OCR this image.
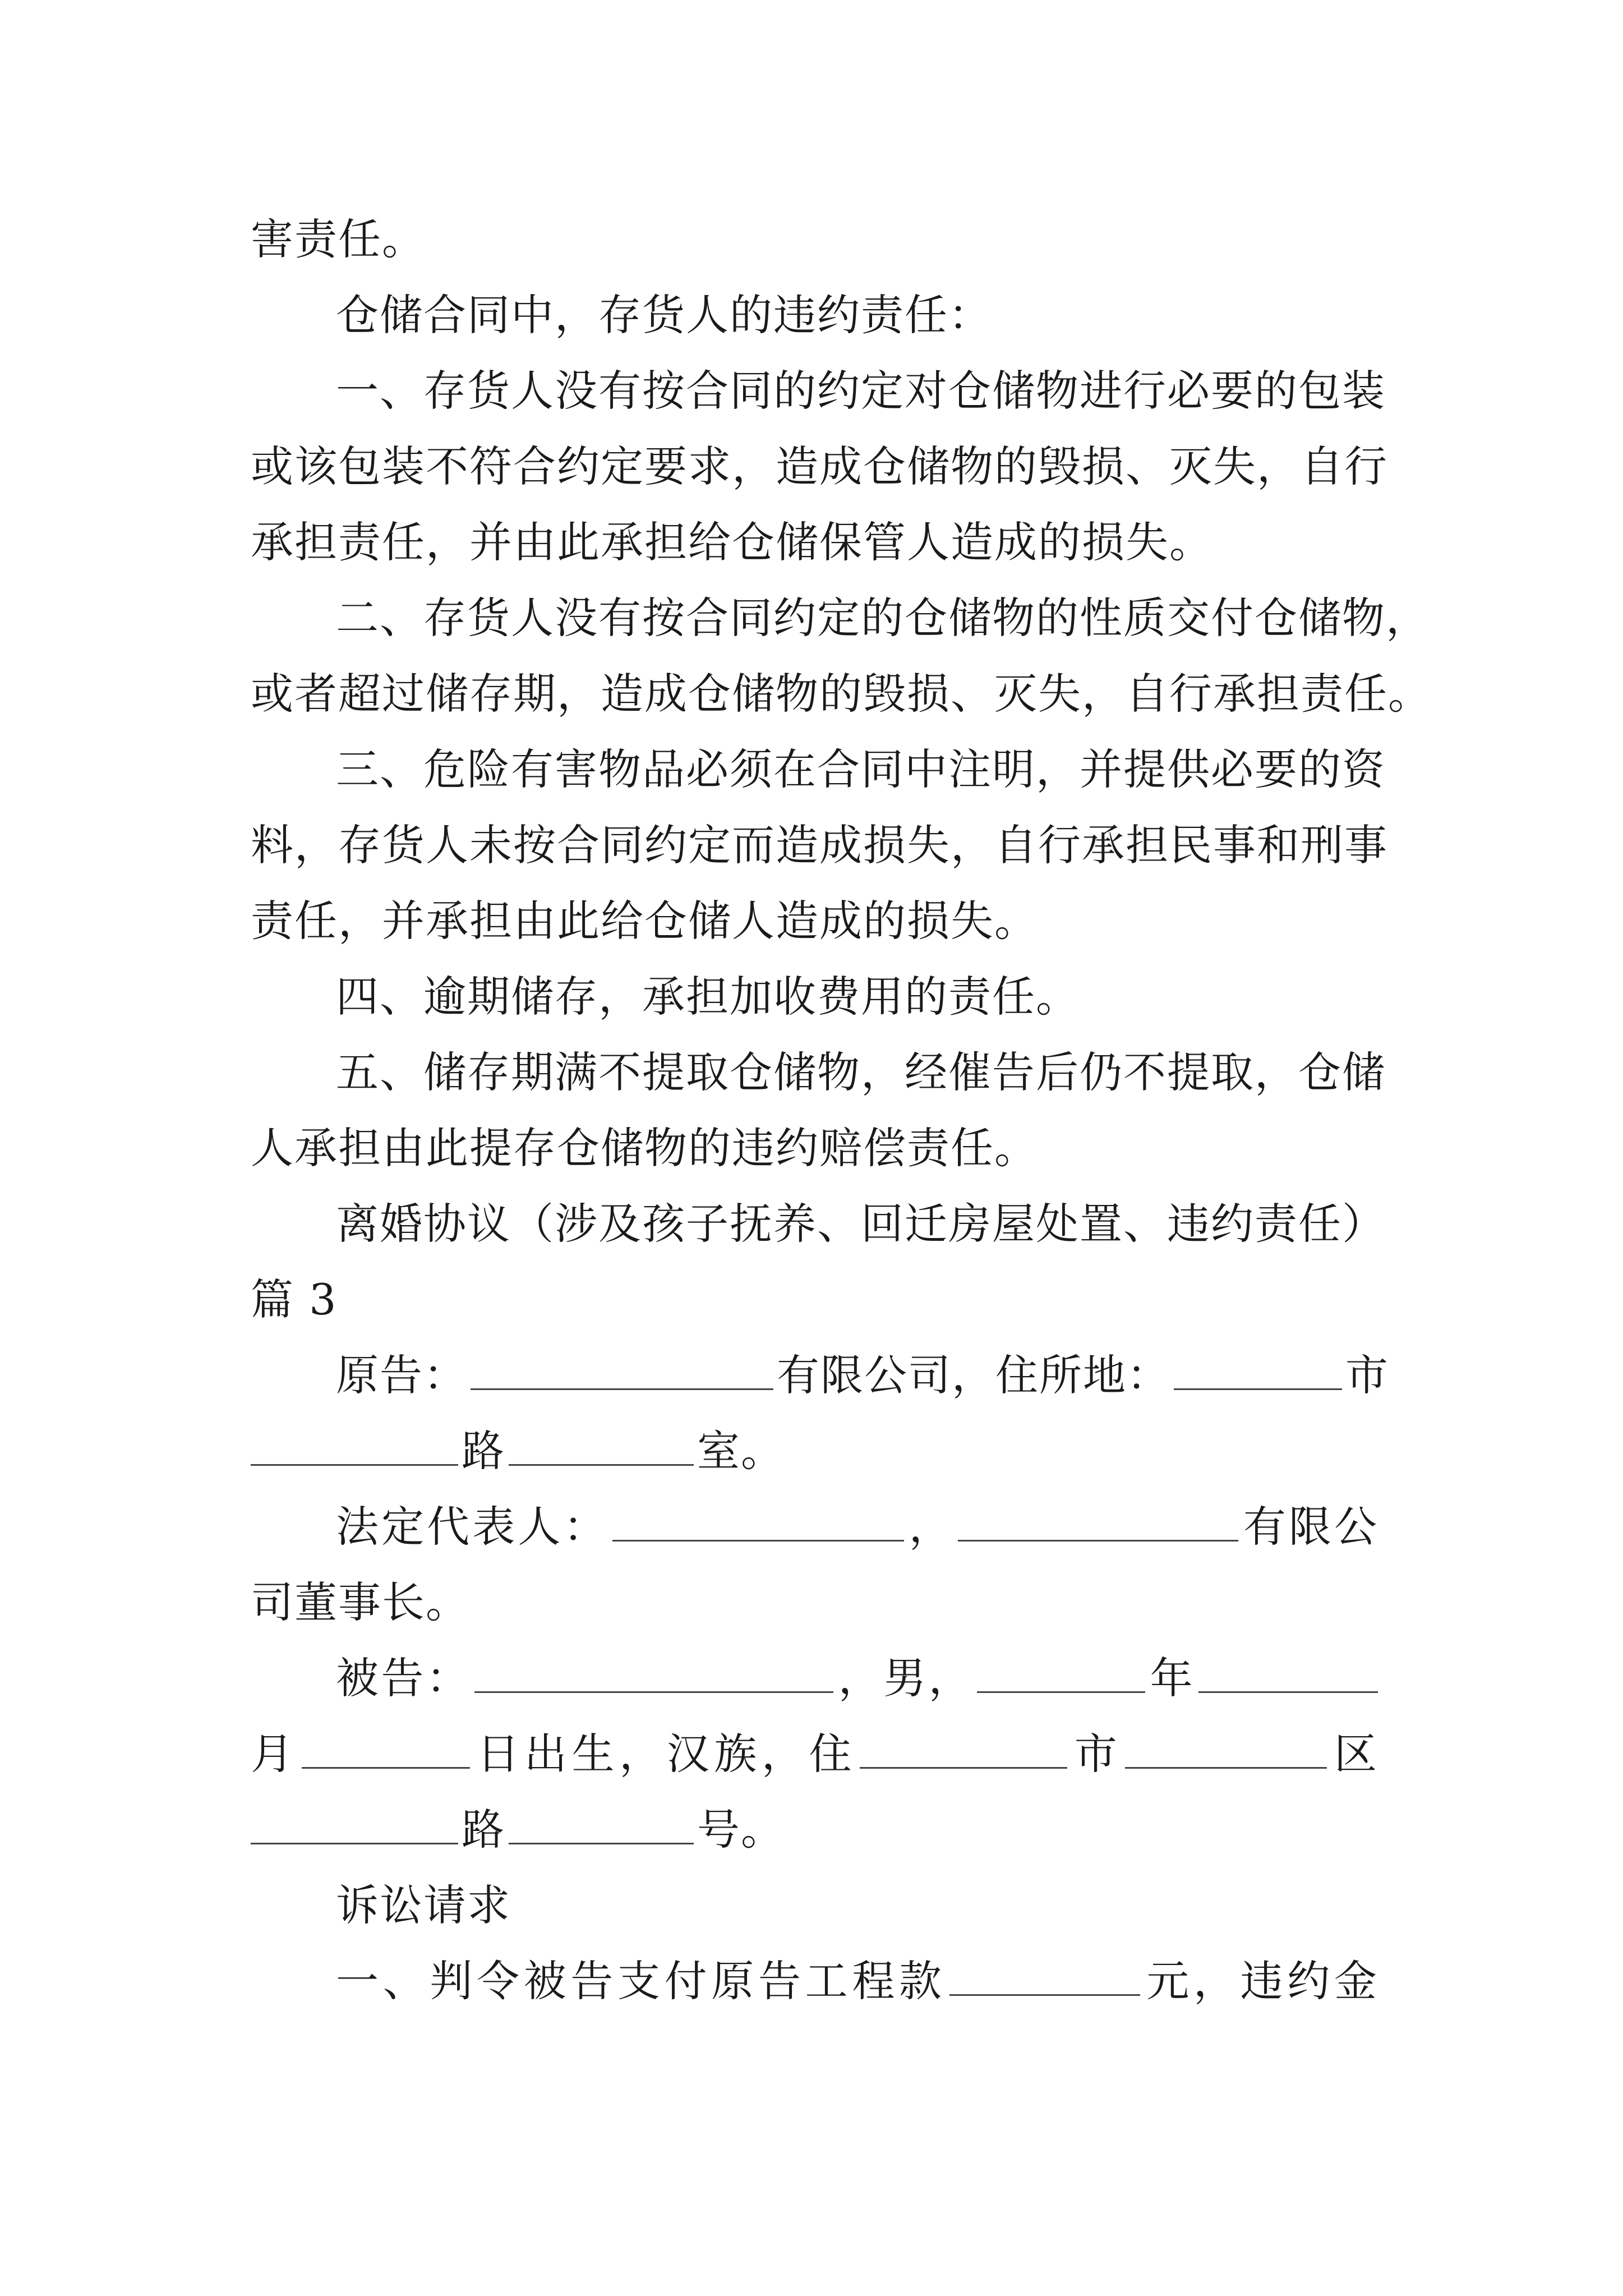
害责任。
仓储合同中，存货人的违约责任：
一、存货人没有按合同的约定对仓储物进行必要的包装
或该包装不符合约定要求，造成仓储物的毁损、灭失，自行
承担责任，并由此承担给仓储保管人造成的损失。
二、存货人没有按合同约定的仓储物的性质交付仓储物，
或者超过储存期，造成仓储物的毁损、灭失，自行承担责任。
三、危险有害物品必须在合同中注明，并提供必要的资
料，存货人未按合同约定而造成损失，自行承担民事和刑事
责任，并承担由此给仓储人造成的损失。
四、逾期储存，承担加收费用的责任。
五、储存期满不提取仓储物，经催告后仍不提取，仓储
人承担由此提存仓储物的违约赔偿责任。
离婚协议（涉及孩子抚养、回迁房屋处置、违约责任）
篇 3
原告：	有限公司，住所地：	市
路	室。
法定代表人：	，	有限公
司董事长。
被告：	，男，	年
月	日出生，汉族，住	市	区
路	号。
诉讼请求
一、判令被告支付原告工程款	元，违约金
